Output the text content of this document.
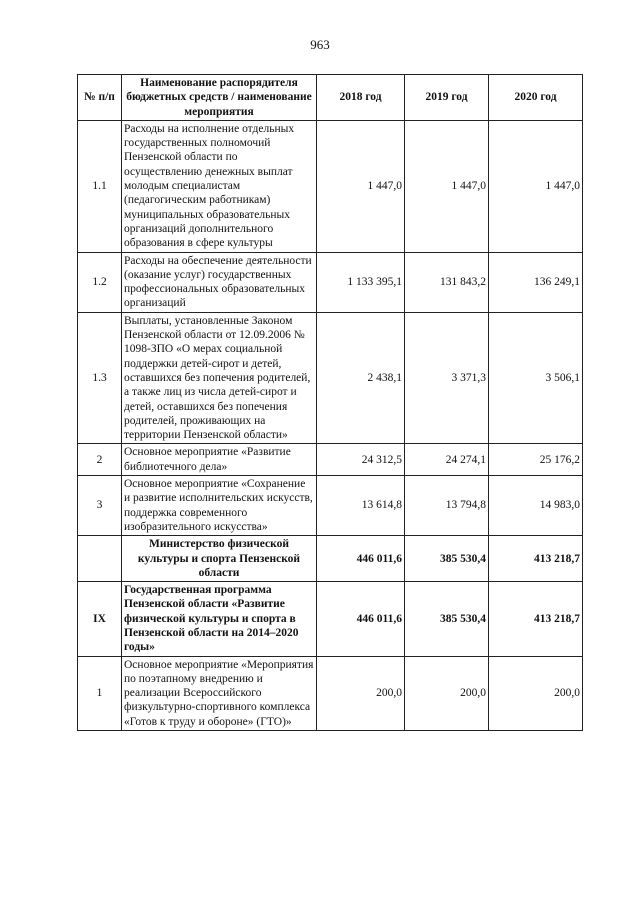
963
№ п/п	Наименование распорядителя бюджетных средств / наименование мероприятия	2018 год	2019 год	2020 год
1.1	Расходы на исполнение отдельных государственных полномочий Пензенской области по осуществлению денежных выплат молодым специалистам (педагогическим работникам) муниципальных образовательных организаций дополнительного образования в сфере культуры	1 447,0	1 447,0	1 447,0
1.2	Расходы на обеспечение деятельности (оказание услуг) государственных профессиональных образовательных организаций	1 133 395,1	131 843,2	136 249,1
1.3	Выплаты, установленные Законом Пензенской области от 12.09.2006 № 1098-ЗПО «О мерах социальной поддержки детей-сирот и детей, оставшихся без попечения родителей, а также лиц из числа детей-сирот и детей, оставшихся без попечения родителей, проживающих на территории Пензенской области»	2 438,1	3 371,3	3 506,1
2	Основное мероприятие «Развитие библиотечного дела»	24 312,5	24 274,1	25 176,2
3	Основное мероприятие «Сохранение и развитие исполнительских искусств, поддержка современного изобразительного искусства»	13 614,8	13 794,8	14 983,0
	Министерство физической культуры и спорта Пензенской области	446 011,6	385 530,4	413 218,7
IX	Государственная программа Пензенской области «Развитие физической культуры и спорта в Пензенской области на 2014–2020 годы»	446 011,6	385 530,4	413 218,7
1	Основное мероприятие «Мероприятия по поэтапному внедрению и реализации Всероссийского физкультурно-спортивного комплекса «Готов к труду и обороне» (ГТО)»	200,0	200,0	200,0
